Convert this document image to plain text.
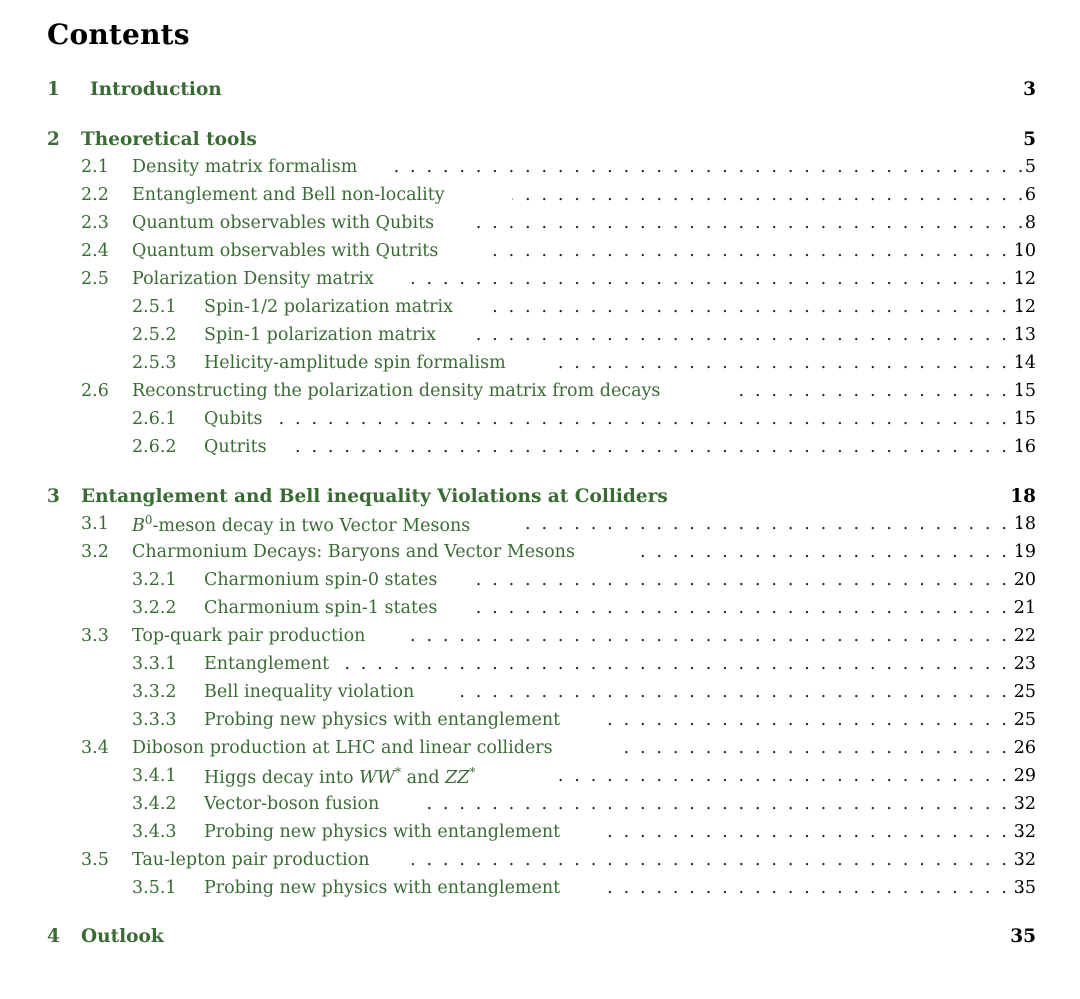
Contents
1 Introduction	3
2 Theoretical tools	5
2.1 Density matrix formalism . . .	5
2.2 Entanglement and Bell non-locality . . .	6
2.3 Quantum observables with Qubits . . .	8
2.4 Quantum observables with Qutrits . . .	10
2.5 Polarization Density matrix . . .	12
2.5.1 Spin-1/2 polarization matrix . . .	12
2.5.2 Spin-1 polarization matrix . . .	13
2.5.3 Helicity-amplitude spin formalism . . .	14
2.6 Reconstructing the polarization density matrix from decays . . .	15
2.6.1 Qubits . . .	15
2.6.2 Qutrits . . .	16
3 Entanglement and Bell inequality Violations at Colliders	18
3.1 $B^0$-meson decay in two Vector Mesons . . .	18
3.2 Charmonium Decays: Baryons and Vector Mesons . . .	19
3.2.1 Charmonium spin-0 states . . .	20
3.2.2 Charmonium spin-1 states . . .	21
3.3 Top-quark pair production . . .	22
3.3.1 Entanglement . . .	23
3.3.2 Bell inequality violation . . .	25
3.3.3 Probing new physics with entanglement . . .	25
3.4 Diboson production at LHC and linear colliders . . .	26
3.4.1 Higgs decay into WW* and ZZ* . . .	29
3.4.2 Vector-boson fusion . . .	32
3.4.3 Probing new physics with entanglement . . .	32
3.5 Tau-lepton pair production . . .	32
3.5.1 Probing new physics with entanglement . . .	35
4 Outlook	35
